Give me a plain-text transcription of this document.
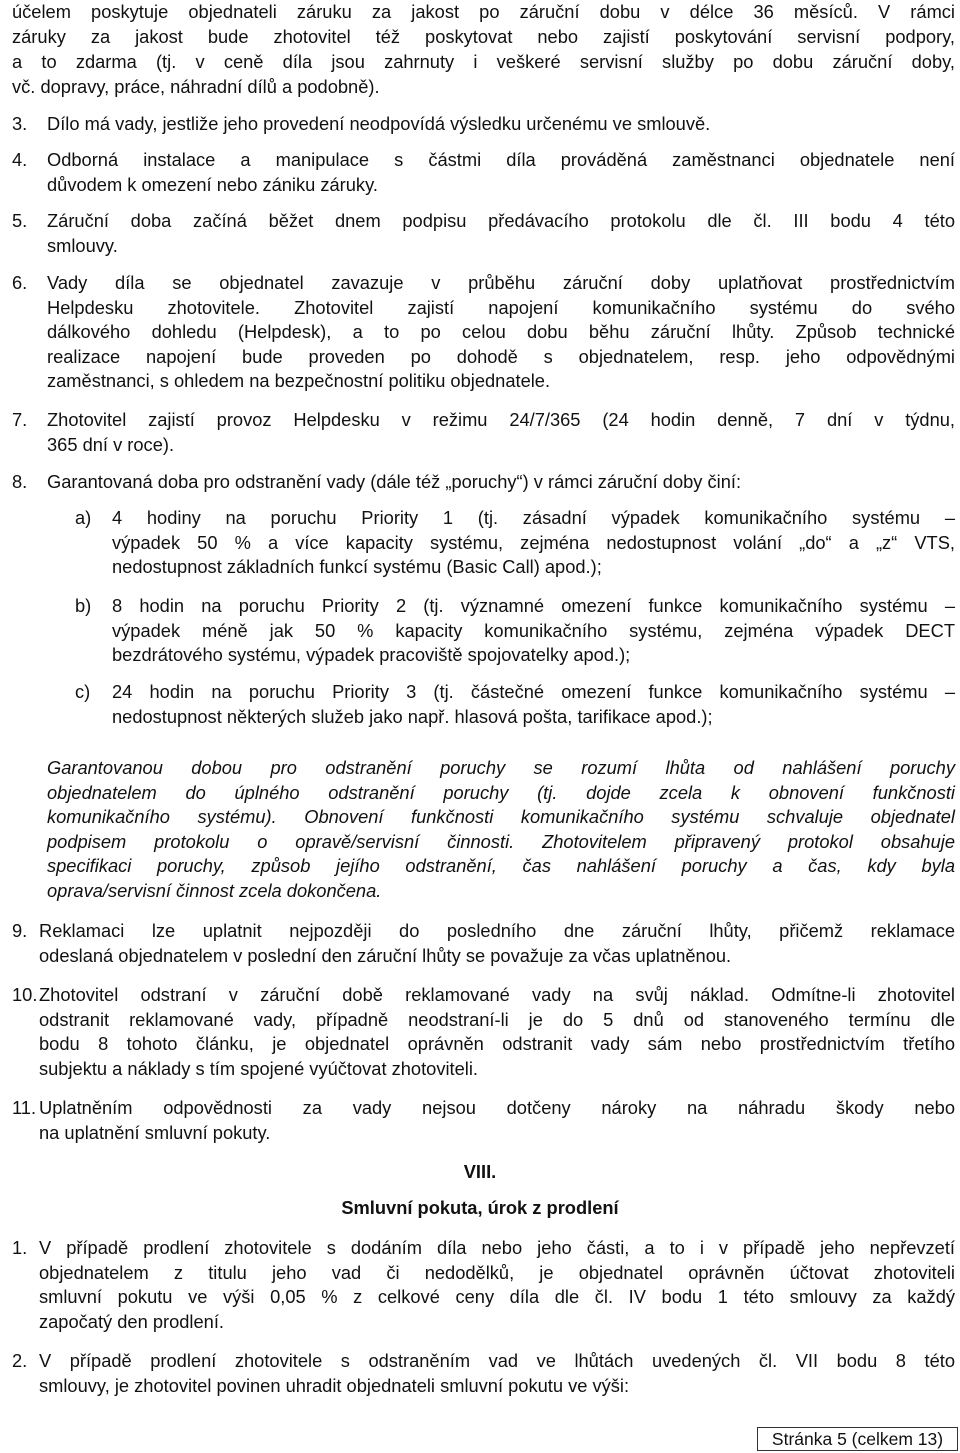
účelem poskytuje objednateli záruku za jakost po záruční dobu v délce 36 měsíců. V rámci
záruky za jakost bude zhotovitel též poskytovat nebo zajistí poskytování servisní podpory,
a to zdarma (tj. v ceně díla jsou zahrnuty i veškeré servisní služby po dobu záruční doby,
vč. dopravy, práce, náhradní dílů a podobně).
3. Dílo má vady, jestliže jeho provedení neodpovídá výsledku určenému ve smlouvě.
4. Odborná instalace a manipulace s částmi díla prováděná zaměstnanci objednatele není
důvodem k omezení nebo zániku záruky.
5. Záruční doba začíná běžet dnem podpisu předávacího protokolu dle čl. III bodu 4 této
smlouvy.
6. Vady díla se objednatel zavazuje v průběhu záruční doby uplatňovat prostřednictvím
Helpdesku zhotovitele. Zhotovitel zajistí napojení komunikačního systému do svého
dálkového dohledu (Helpdesk), a to po celou dobu běhu záruční lhůty. Způsob technické
realizace napojení bude proveden po dohodě s objednatelem, resp. jeho odpovědnými
zaměstnanci, s ohledem na bezpečnostní politiku objednatele.
7. Zhotovitel zajistí provoz Helpdesku v režimu 24/7/365 (24 hodin denně, 7 dní v týdnu,
365 dní v roce).
8. Garantovaná doba pro odstranění vady (dále též „poruchy“) v rámci záruční doby činí:
a) 4 hodiny na poruchu Priority 1 (tj. zásadní výpadek komunikačního systému –
výpadek 50 % a více kapacity systému, zejména nedostupnost volání „do“ a „z“ VTS,
nedostupnost základních funkcí systému (Basic Call) apod.);
b) 8 hodin na poruchu Priority 2 (tj. významné omezení funkce komunikačního systému –
výpadek méně jak 50 % kapacity komunikačního systému, zejména výpadek DECT
bezdrátového systému, výpadek pracoviště spojovatelky apod.);
c) 24 hodin na poruchu Priority 3 (tj. částečné omezení funkce komunikačního systému –
nedostupnost některých služeb jako např. hlasová pošta, tarifikace apod.);
Garantovanou dobou pro odstranění poruchy se rozumí lhůta od nahlášení poruchy
objednatelem do úplného odstranění poruchy (tj. dojde zcela k obnovení funkčnosti
komunikačního systému). Obnovení funkčnosti komunikačního systému schvaluje objednatel
podpisem protokolu o opravě/servisní činnosti. Zhotovitelem připravený protokol obsahuje
specifikaci poruchy, způsob jejího odstranění, čas nahlášení poruchy a čas, kdy byla
oprava/servisní činnost zcela dokončena.
9. Reklamaci lze uplatnit nejpozději do posledního dne záruční lhůty, přičemž reklamace
odeslaná objednatelem v poslední den záruční lhůty se považuje za včas uplatněnou.
10. Zhotovitel odstraní v záruční době reklamované vady na svůj náklad. Odmítne-li zhotovitel
odstranit reklamované vady, případně neodstraní-li je do 5 dnů od stanoveného termínu dle
bodu 8 tohoto článku, je objednatel oprávněn odstranit vady sám nebo prostřednictvím třetího
subjektu a náklady s tím spojené vyúčtovat zhotoviteli.
11. Uplatněním odpovědnosti za vady nejsou dotčeny nároky na náhradu škody nebo
na uplatnění smluvní pokuty.
VIII.
Smluvní pokuta, úrok z prodlení
1. V případě prodlení zhotovitele s dodáním díla nebo jeho části, a to i v případě jeho nepřevzetí
objednatelem z titulu jeho vad či nedodělků, je objednatel oprávněn účtovat zhotoviteli
smluvní pokutu ve výši 0,05 % z celkové ceny díla dle čl. IV bodu 1 této smlouvy za každý
započatý den prodlení.
2. V případě prodlení zhotovitele s odstraněním vad ve lhůtách uvedených čl. VII bodu 8 této
smlouvy, je zhotovitel povinen uhradit objednateli smluvní pokutu ve výši:
Stránka 5 (celkem 13)
